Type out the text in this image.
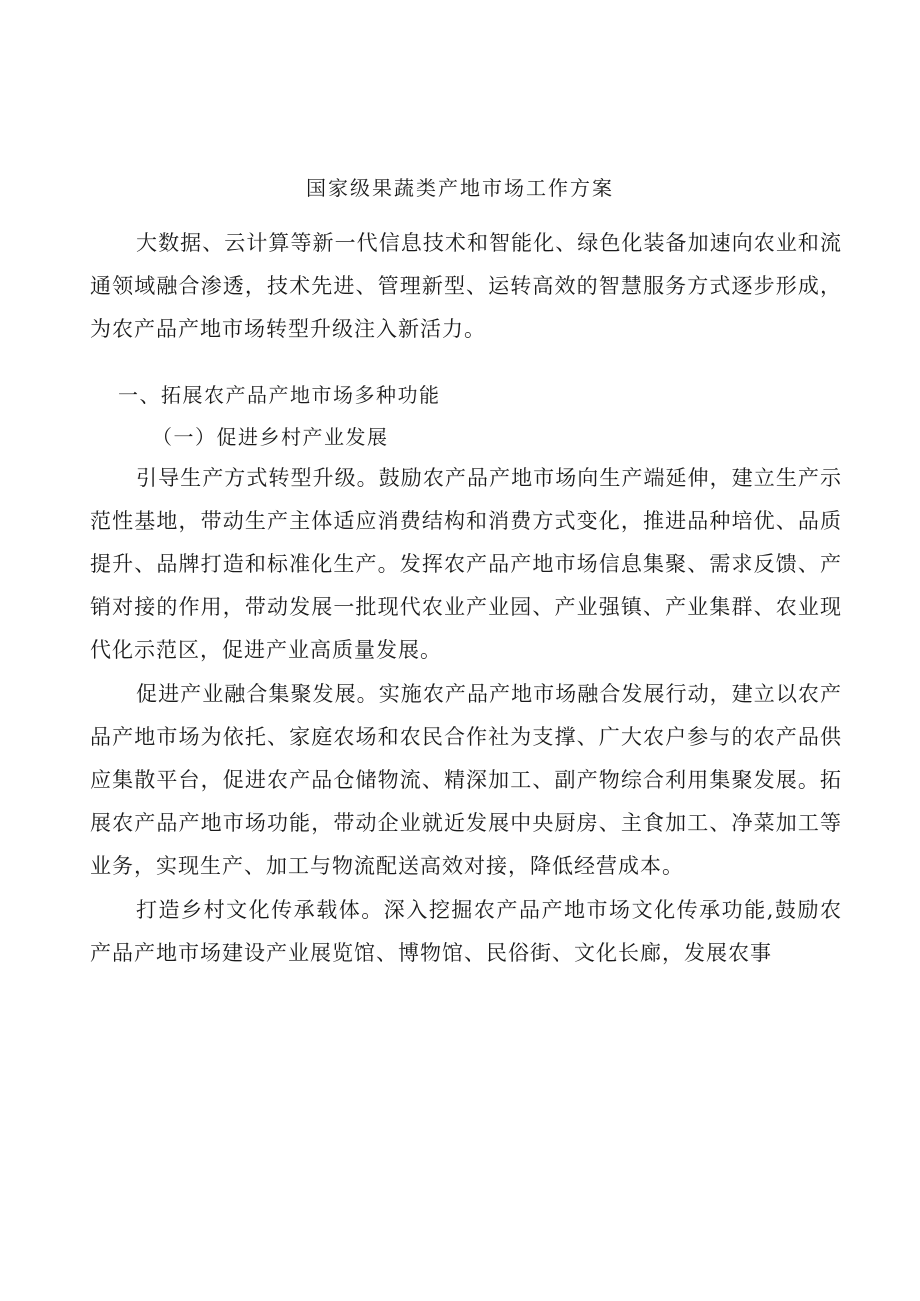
国家级果蔬类产地市场工作方案

大数据、云计算等新一代信息技术和智能化、绿色化装备加速向农业和流通领域融合渗透，技术先进、管理新型、运转高效的智慧服务方式逐步形成，为农产品产地市场转型升级注入新活力。

一、拓展农产品产地市场多种功能
（一）促进乡村产业发展

引导生产方式转型升级。鼓励农产品产地市场向生产端延伸，建立生产示范性基地，带动生产主体适应消费结构和消费方式变化，推进品种培优、品质提升、品牌打造和标准化生产。发挥农产品产地市场信息集聚、需求反馈、产销对接的作用，带动发展一批现代农业产业园、产业强镇、产业集群、农业现代化示范区，促进产业高质量发展。

促进产业融合集聚发展。实施农产品产地市场融合发展行动，建立以农产品产地市场为依托、家庭农场和农民合作社为支撑、广大农户参与的农产品供应集散平台，促进农产品仓储物流、精深加工、副产物综合利用集聚发展。拓展农产品产地市场功能，带动企业就近发展中央厨房、主食加工、净菜加工等业务，实现生产、加工与物流配送高效对接，降低经营成本。

打造乡村文化传承载体。深入挖掘农产品产地市场文化传承功能,鼓励农产品产地市场建设产业展览馆、博物馆、民俗街、文化长廊，发展农事
